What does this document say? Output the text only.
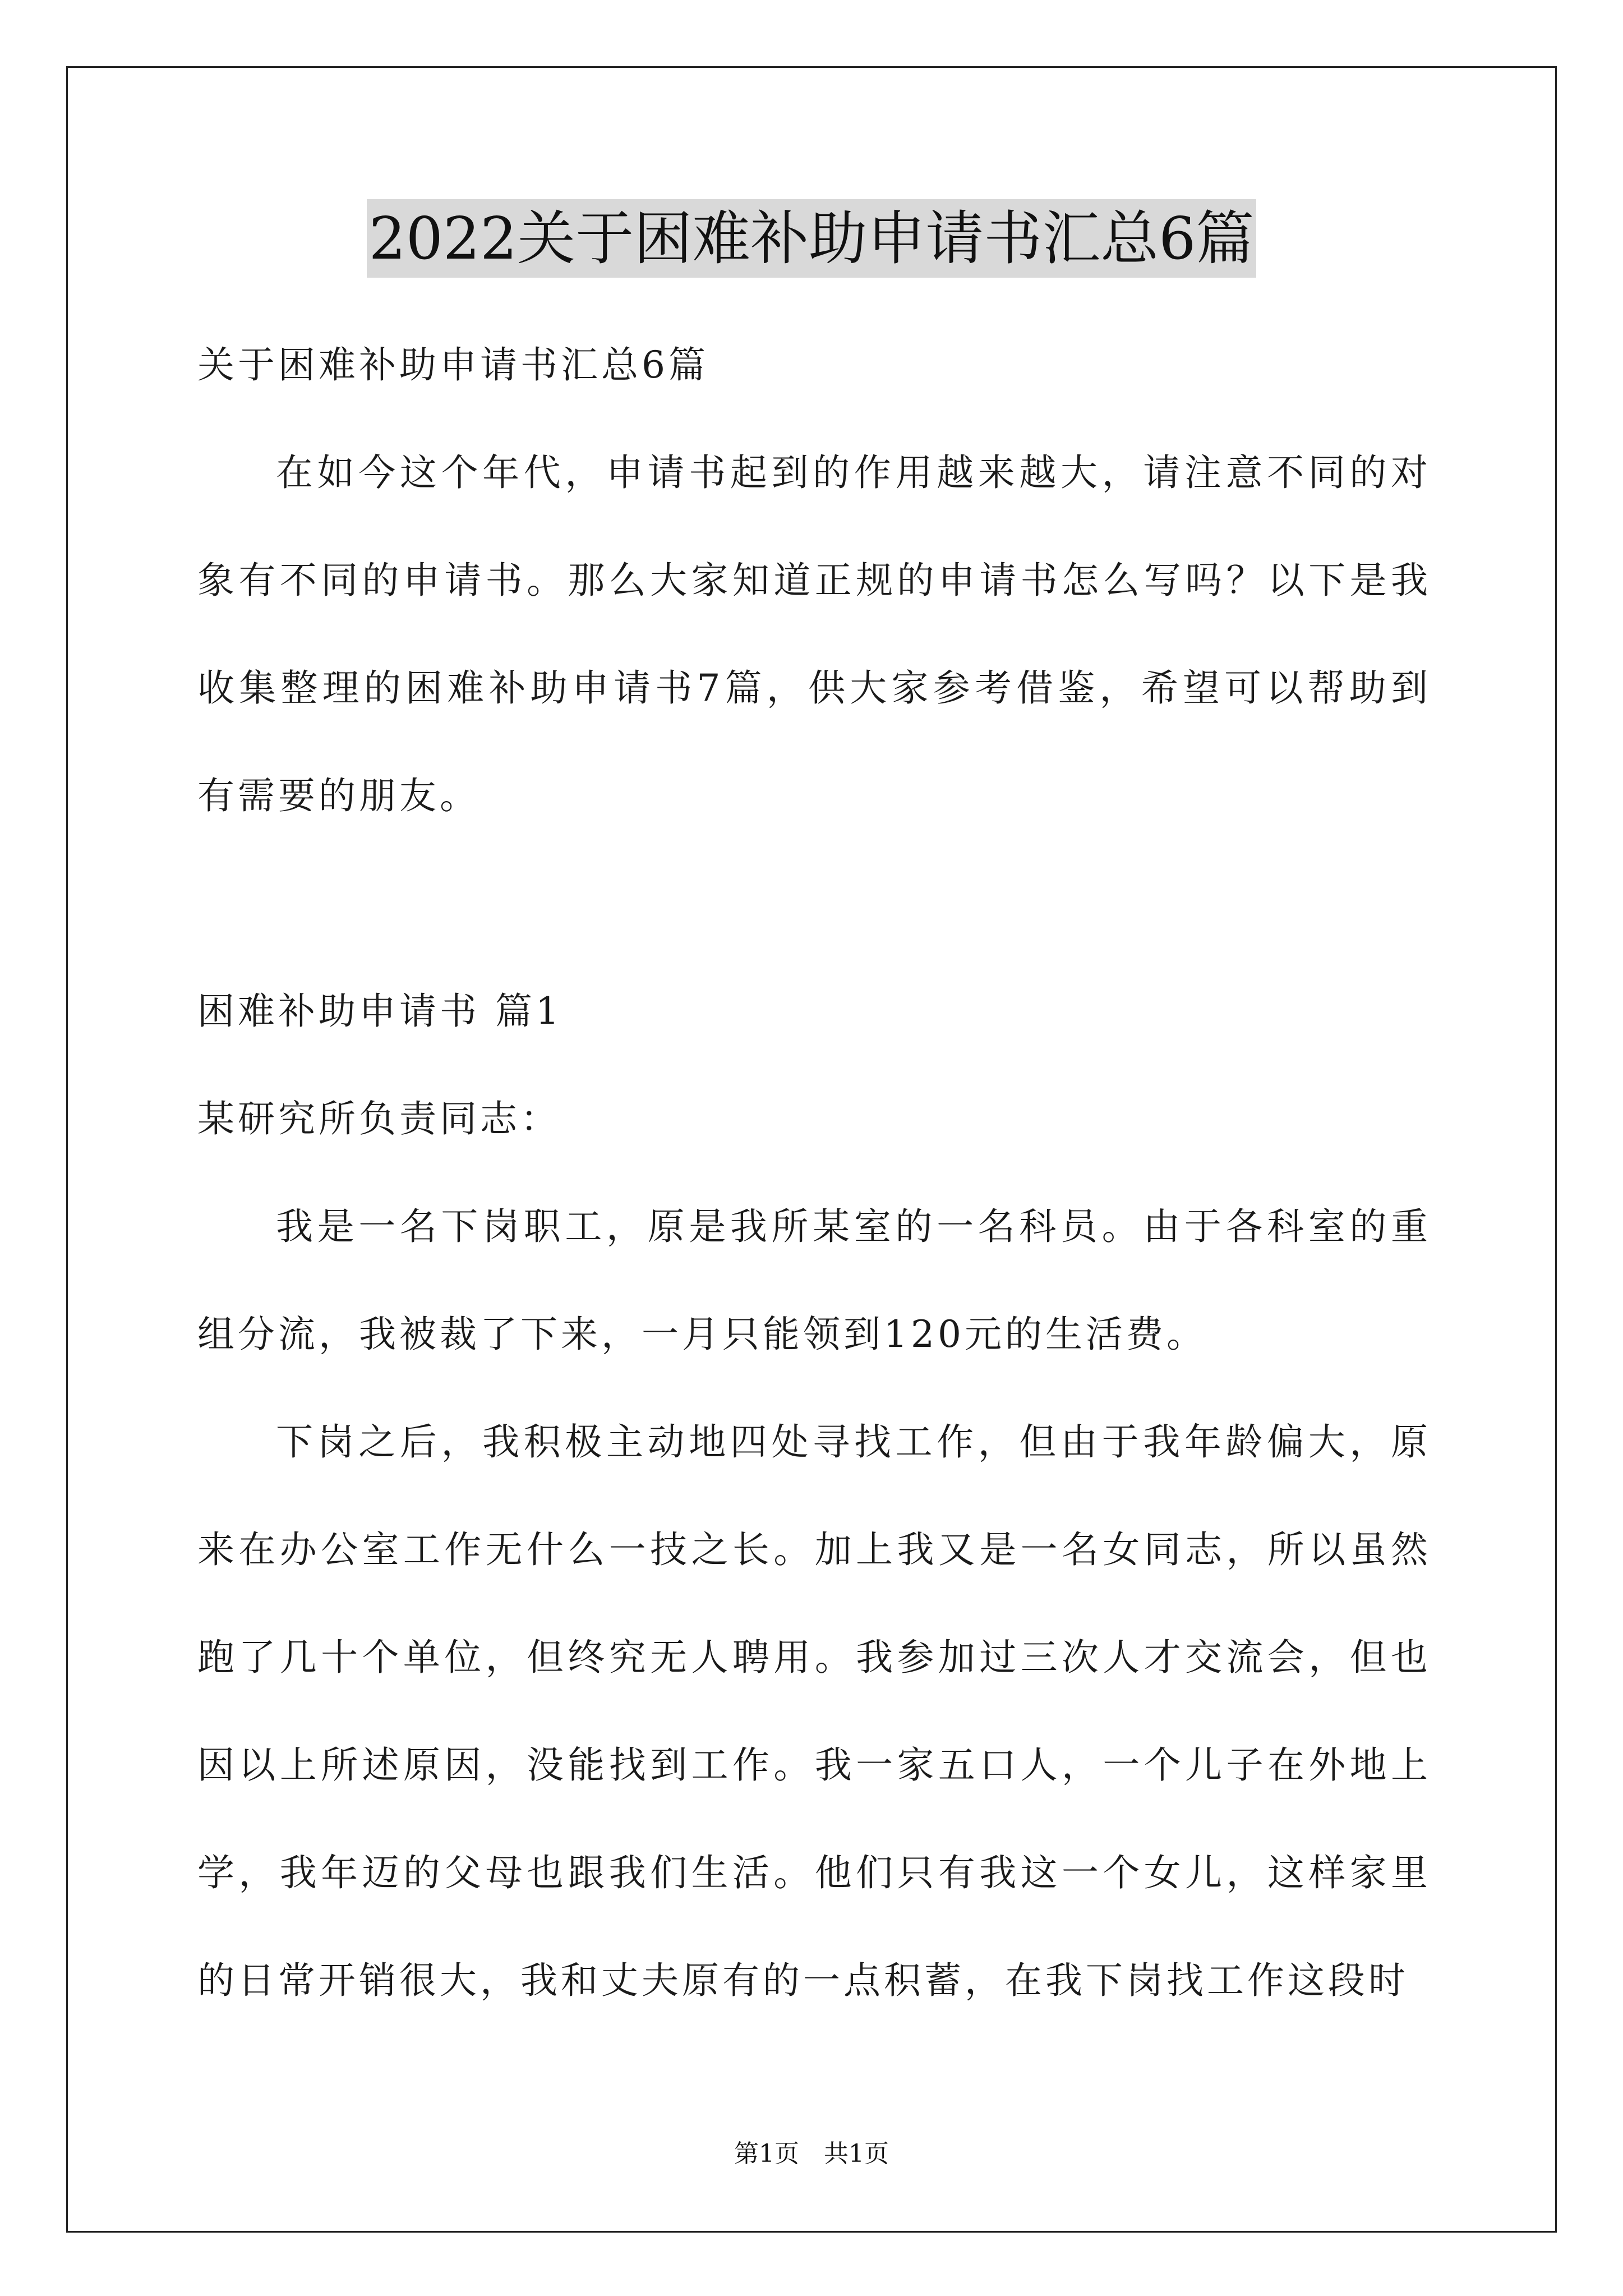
2022关于困难补助申请书汇总6篇

关于困难补助申请书汇总6篇

在如今这个年代，申请书起到的作用越来越大，请注意不同的对象有不同的申请书。那么大家知道正规的申请书怎么写吗？以下是我收集整理的困难补助申请书7篇，供大家参考借鉴，希望可以帮助到有需要的朋友。

困难补助申请书 篇1

某研究所负责同志：

我是一名下岗职工，原是我所某室的一名科员。由于各科室的重组分流，我被裁了下来，一月只能领到120元的生活费。

下岗之后，我积极主动地四处寻找工作，但由于我年龄偏大，原来在办公室工作无什么一技之长。加上我又是一名女同志，所以虽然跑了几十个单位，但终究无人聘用。我参加过三次人才交流会，但也因以上所述原因，没能找到工作。我一家五口人，一个儿子在外地上学，我年迈的父母也跟我们生活。他们只有我这一个女儿，这样家里的日常开销很大，我和丈夫原有的一点积蓄，在我下岗找工作这段时

第1页　共1页
